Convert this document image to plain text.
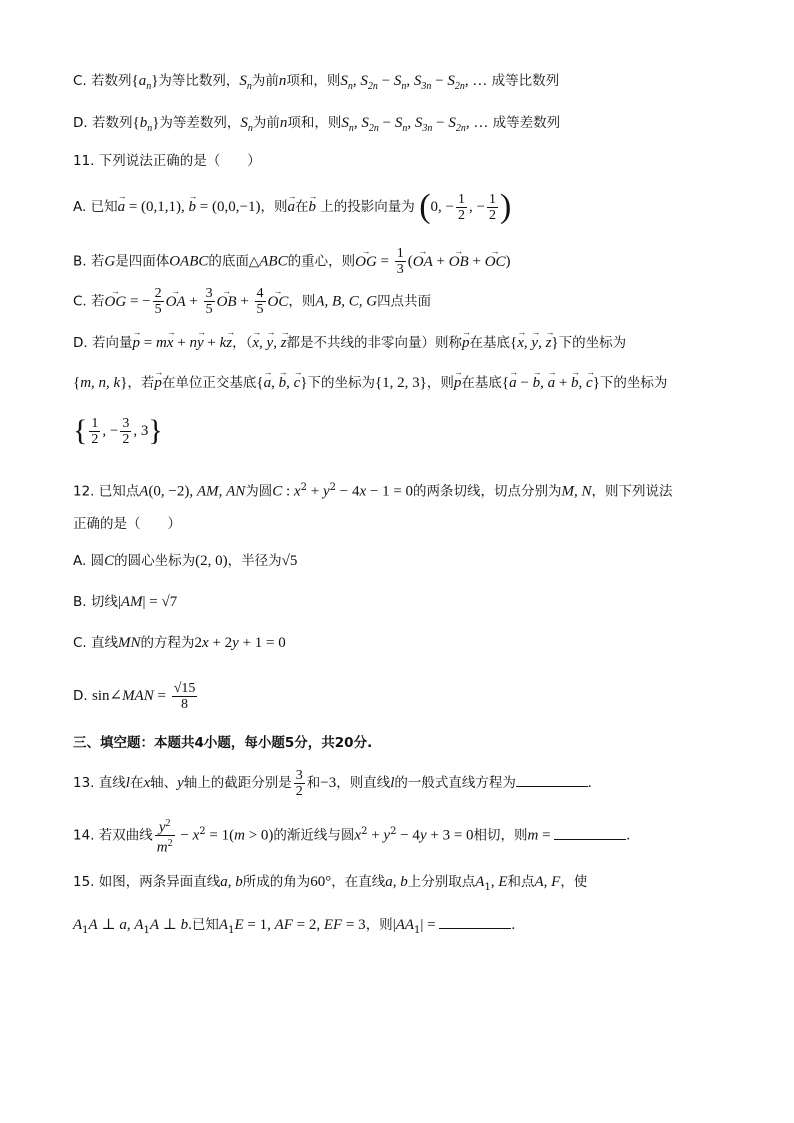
C. 若数列$\{a_n\}$为等比数列，$S_n$为前n项和，则$S_n$, $S_{2n} - S_n$, $S_{3n} - S_{2n}$, … 成等比数列
D. 若数列$\{b_n\}$为等差数列，$S_n$为前n项和，则$S_n$, $S_{2n} - S_n$, $S_{3n} - S_{2n}$, … 成等差数列
11. 下列说法正确的是（　　）
A. 已知→ a = (0,1,1), → b = (0,0,−1)，则→ a在→ b 上的投影向量为 (0, − $\frac{1}{2}$ , − $\frac{1}{2}$ )
B. 若G是四面体OABC的底面△ABC的重心，则→ OG = $\frac{1}{3}$ (→ OA + → OB + → OC)
C. 若→ OG = − $\frac{2}{5}$ → OA + $\frac{3}{5}$ → OB + $\frac{4}{5}$ → OC，则A, B, C, G四点共面
D. 若向量→ p = m→ x + n→ y + k→ z，（→ x, → y, → z都是不共线的非零向量）则称→ p在基底{→ x, → y, → z}下的坐标为
{m, n, k}，若→ p在单位正交基底{→ a, → b, → c}下的坐标为{1, 2, 3}，则→ p在基底{→ a − → b, → a + → b, → c}下的坐标为
{ $\frac{1}{2}$ , − $\frac{3}{2}$ , 3}
12. 已知点A(0, −2), AM, AN为圆C : $x^2 + y^2 - 4x - 1 = 0$的两条切线，切点分别为M, N，则下列说法
正确的是（　　）
A. 圆C的圆心坐标为(2, 0)，半径为√5
B. 切线|AM| = √7
C. 直线MN的方程为2x + 2y + 1 = 0
D. sin∠MAN = $\frac{√15}{8}$
三、填空题：本题共4小题，每小题5分，共20分.
13. 直线l在x轴、y轴上的截距分别是 $\frac{3}{2}$ 和−3，则直线l的一般式直线方程为	.
14. 若双曲线 $\frac{y^2}{m^2} - x^2 = 1(m > 0)$的渐近线与圆$x^2 + y^2 - 4y + 3 = 0$相切，则m =	.
15. 如图，两条异面直线a, b所成的角为60°，在直线a, b上分别取点$A_1$, E和点A, F，使
$A_1A$ ⊥ a, $A_1A$ ⊥ b.已知$A_1E = 1$, AF = 2, EF = 3，则$|AA_1|$ =	.
